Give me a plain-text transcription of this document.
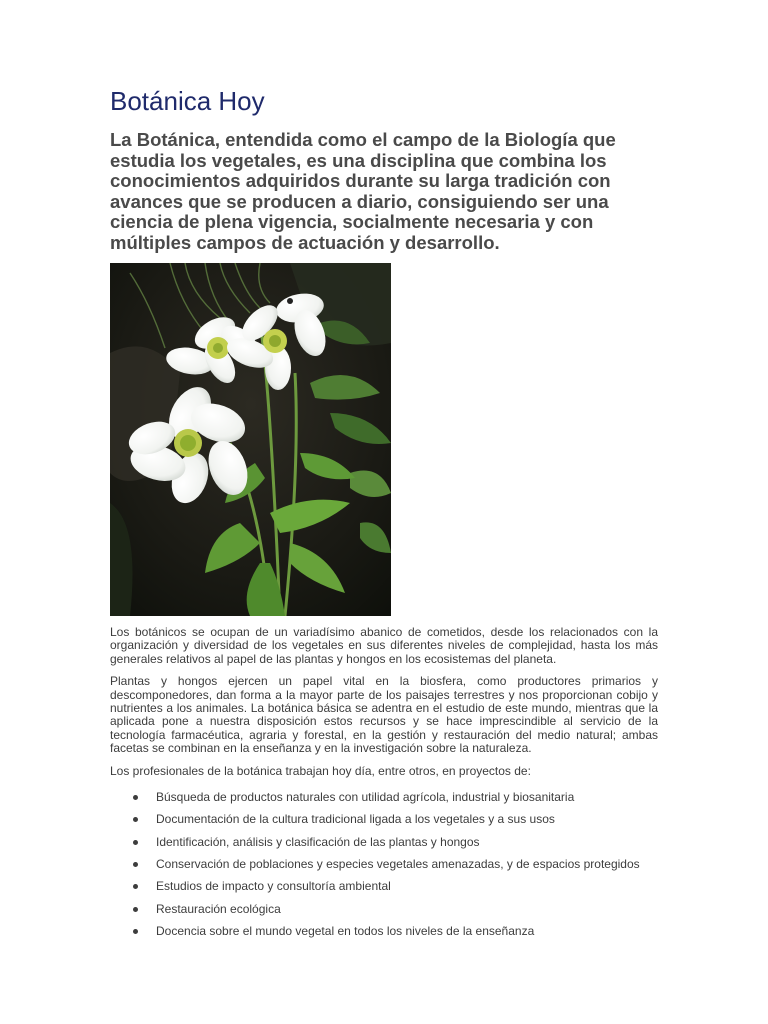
Botánica Hoy

La Botánica, entendida como el campo de la Biología que estudia los vegetales, es una disciplina que combina los conocimientos adquiridos durante su larga tradición con avances que se producen a diario, consiguiendo ser una ciencia de plena vigencia, socialmente necesaria y con múltiples campos de actuación y desarrollo.

Los botánicos se ocupan de un variadísimo abanico de cometidos, desde los relacionados con la organización y diversidad de los vegetales en sus diferentes niveles de complejidad, hasta los más generales relativos al papel de las plantas y hongos en los ecosistemas del planeta.

Plantas y hongos ejercen un papel vital en la biosfera, como productores primarios y descomponedores, dan forma a la mayor parte de los paisajes terrestres y nos proporcionan cobijo y nutrientes a los animales. La botánica básica se adentra en el estudio de este mundo, mientras que la aplicada pone a nuestra disposición estos recursos y se hace imprescindible al servicio de la tecnología farmacéutica, agraria y forestal, en la gestión y restauración del medio natural; ambas facetas se combinan en la enseñanza y en la investigación sobre la naturaleza.

Los profesionales de la botánica trabajan hoy día, entre otros, en proyectos de:

Búsqueda de productos naturales con utilidad agrícola, industrial y biosanitaria
Documentación de la cultura tradicional ligada a los vegetales y a sus usos
Identificación, análisis y clasificación de las plantas y hongos
Conservación de poblaciones y especies vegetales amenazadas, y de espacios protegidos
Estudios de impacto y consultoría ambiental
Restauración ecológica
Docencia sobre el mundo vegetal en todos los niveles de la enseñanza
